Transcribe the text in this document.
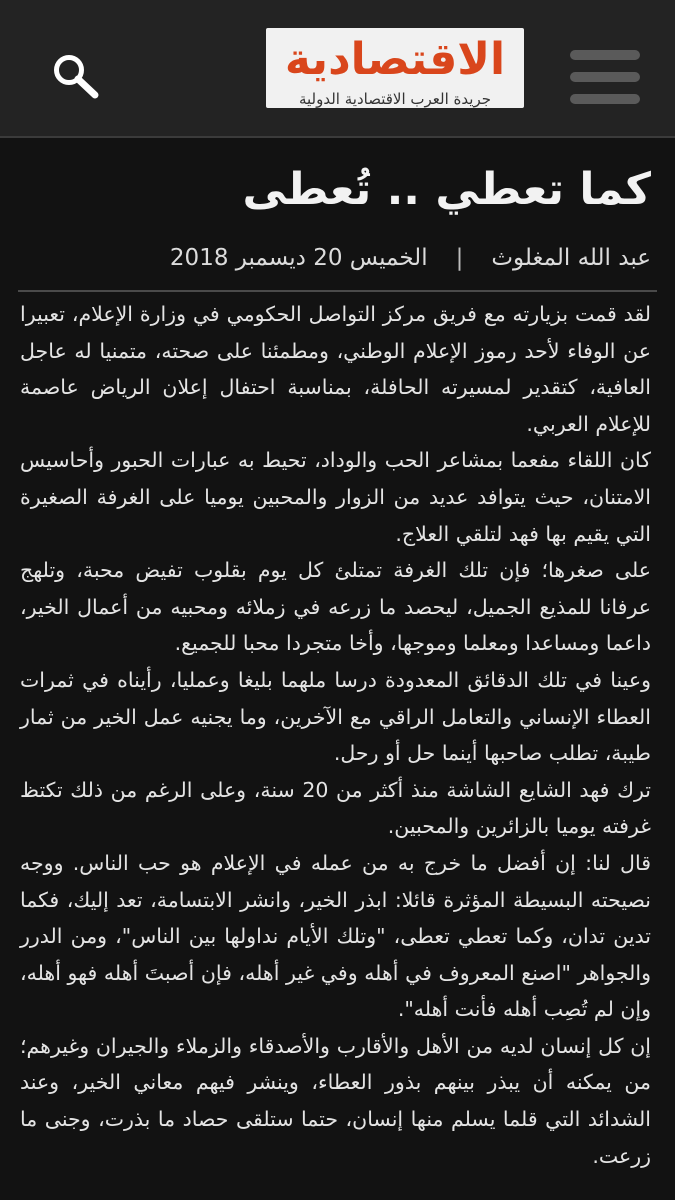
الاقتصادية
جريدة العرب الاقتصادية الدولية
كما تعطي .. تُعطى
عبد الله المغلوث|الخميس 20 ديسمبر 2018

لقد قمت بزيارته مع فريق مركز التواصل الحكومي في وزارة الإعلام، تعبيرا عن الوفاء لأحد رموز الإعلام الوطني، ومطمئنا على صحته، متمنيا له عاجل العافية، كتقدير لمسيرته الحافلة، بمناسبة احتفال إعلان الرياض عاصمة للإعلام العربي.

كان اللقاء مفعما بمشاعر الحب والوداد، تحيط به عبارات الحبور وأحاسيس الامتنان، حيث يتوافد عديد من الزوار والمحبين يوميا على الغرفة الصغيرة التي يقيم بها فهد لتلقي العلاج.

على صغرها؛ فإن تلك الغرفة تمتلئ كل يوم بقلوب تفيض محبة، وتلهج عرفانا للمذيع الجميل، ليحصد ما زرعه في زملائه ومحبيه من أعمال الخير، داعما ومساعدا ومعلما وموجها، وأخا متجردا محبا للجميع.

وعينا في تلك الدقائق المعدودة درسا ملهما بليغا وعمليا، رأيناه في ثمرات العطاء الإنساني والتعامل الراقي مع الآخرين، وما يجنيه عمل الخير من ثمار طيبة، تطلب صاحبها أينما حل أو رحل.

ترك فهد الشايع الشاشة منذ أكثر من 20 سنة، وعلى الرغم من ذلك تكتظ غرفته يوميا بالزائرين والمحبين.

قال لنا: إن أفضل ما خرج به من عمله في الإعلام هو حب الناس. ووجه نصيحته البسيطة المؤثرة قائلا: ابذر الخير، وانشر الابتسامة، تعد إليك، فكما تدين تدان، وكما تعطي تعطى، "وتلك الأيام نداولها بين الناس"، ومن الدرر والجواهر "اصنع المعروف في أهله وفي غير أهله، فإن أصبتَ أهله فهو أهله، وإن لم تُصِب أهله فأنت أهله".

إن كل إنسان لديه من الأهل والأقارب والأصدقاء والزملاء والجيران وغيرهم؛ من يمكنه أن يبذر بينهم بذور العطاء، وينشر فيهم معاني الخير، وعند الشدائد التي قلما يسلم منها إنسان، حتما ستلقى حصاد ما بذرت، وجنى ما زرعت.
